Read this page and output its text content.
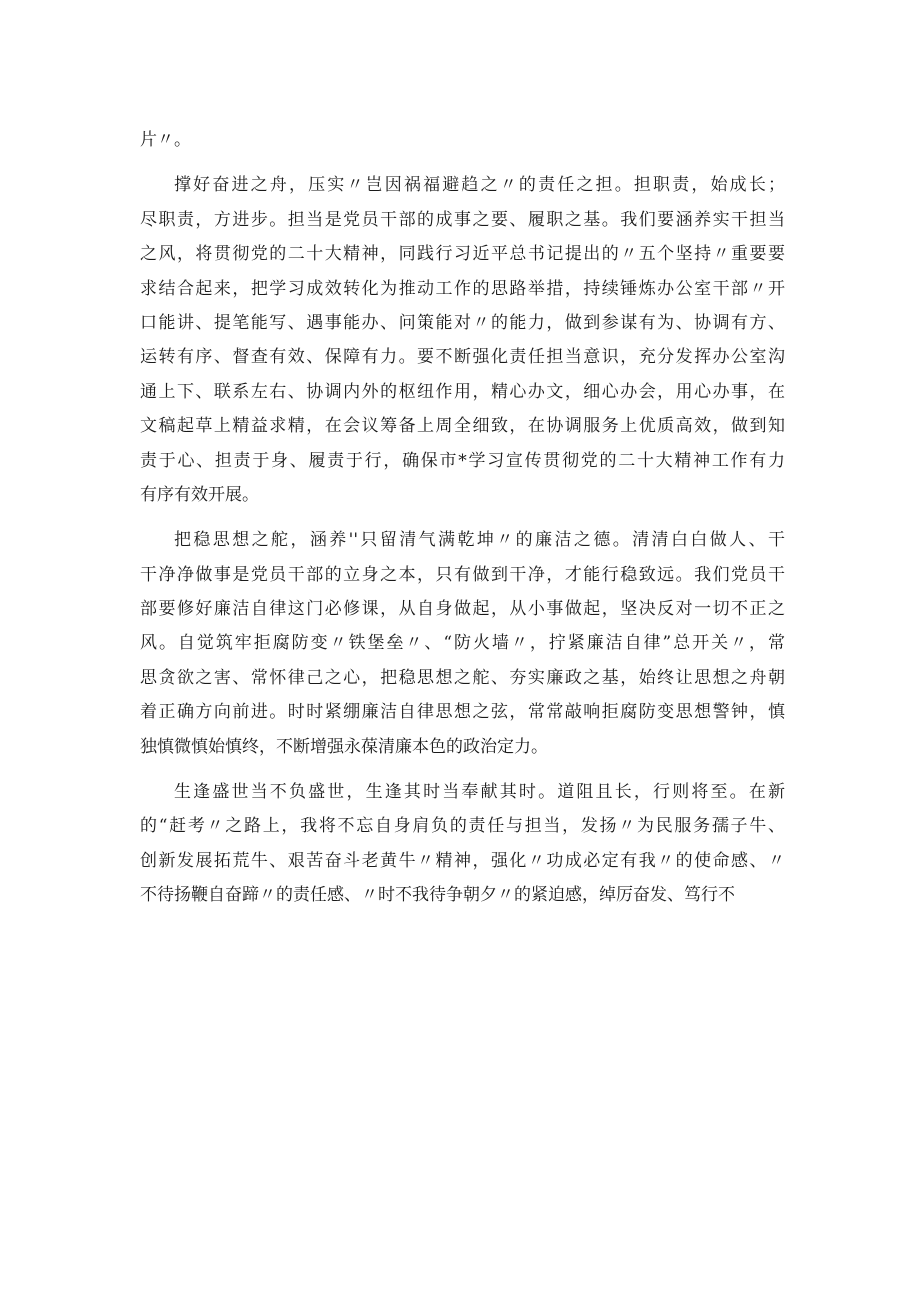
片〃。
撑好奋进之舟，压实〃岂因祸福避趋之〃的责任之担。担职责，始成长；
尽职责，方进步。担当是党员干部的成事之要、履职之基。我们要涵养实干担当
之风，将贯彻党的二十大精神，同践行习近平总书记提出的〃五个坚持〃重要要
求结合起来，把学习成效转化为推动工作的思路举措，持续锤炼办公室干部〃开
口能讲、提笔能写、遇事能办、问策能对〃的能力，做到参谋有为、协调有方、
运转有序、督查有效、保障有力。要不断强化责任担当意识，充分发挥办公室沟
通上下、联系左右、协调内外的枢纽作用，精心办文，细心办会，用心办事，在
文稿起草上精益求精，在会议筹备上周全细致，在协调服务上优质高效，做到知
责于心、担责于身、履责于行，确保市*学习宣传贯彻党的二十大精神工作有力
有序有效开展。
把稳思想之舵，涵养''只留清气满乾坤〃的廉洁之德。清清白白做人、干
干净净做事是党员干部的立身之本，只有做到干净，才能行稳致远。我们党员干
部要修好廉洁自律这门必修课，从自身做起，从小事做起，坚决反对一切不正之
风。自觉筑牢拒腐防变〃铁堡垒〃、“防火墙〃，拧紧廉洁自律”总开关〃，常
思贪欲之害、常怀律己之心，把稳思想之舵、夯实廉政之基，始终让思想之舟朝
着正确方向前进。时时紧绷廉洁自律思想之弦，常常敲响拒腐防变思想警钟，慎
独慎微慎始慎终，不断增强永葆清廉本色的政治定力。
生逢盛世当不负盛世，生逢其时当奉献其时。道阻且长，行则将至。在新
的“赶考〃之路上，我将不忘自身肩负的责任与担当，发扬〃为民服务孺子牛、
创新发展拓荒牛、艰苦奋斗老黄牛〃精神，强化〃功成必定有我〃的使命感、〃
不待扬鞭自奋蹄〃的责任感、〃时不我待争朝夕〃的紧迫感，绰厉奋发、笃行不
